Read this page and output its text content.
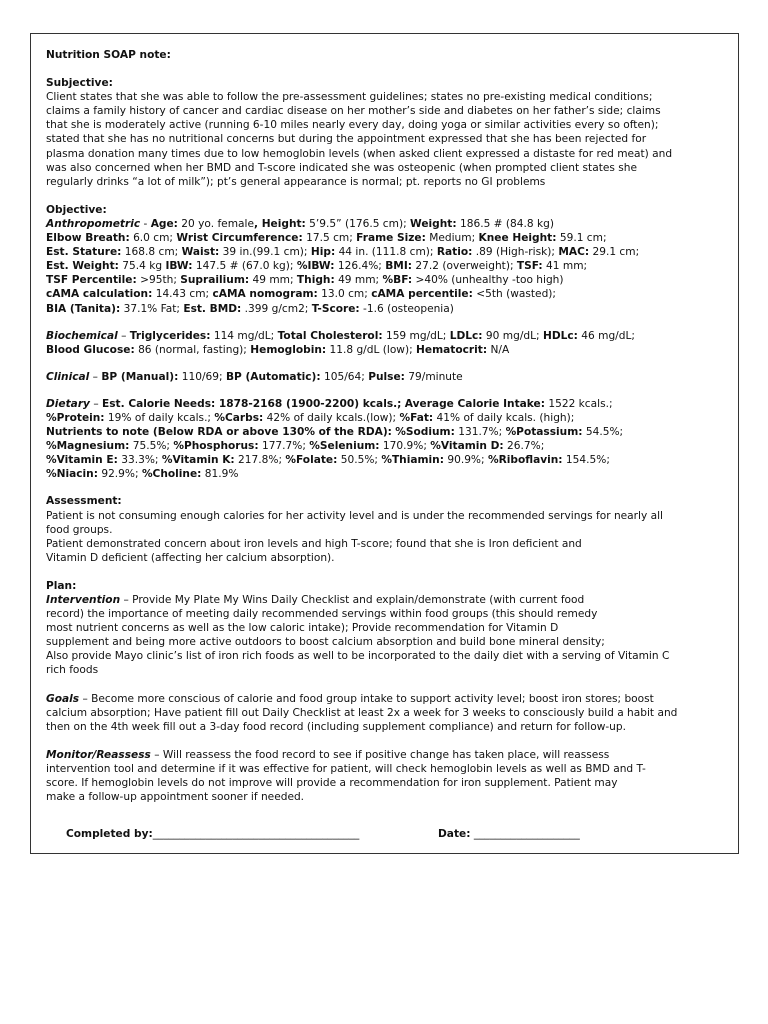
Nutrition SOAP note:

Subjective:

Client states that she was able to follow the pre-assessment guidelines; states no pre-existing medical conditions;

claims a family history of cancer and cardiac disease on her mother’s side and diabetes on her father’s side; claims

that she is moderately active (running 6-10 miles nearly every day, doing yoga or similar activities every so often);

stated that she has no nutritional concerns but during the appointment expressed that she has been rejected for

plasma donation many times due to low hemoglobin levels (when asked client expressed a distaste for red meat) and

was also concerned when her BMD and T-score indicated she was osteopenic (when prompted client states she

regularly drinks “a lot of milk”); pt’s general appearance is normal; pt. reports no GI problems

Objective:

Anthropometric - Age: 20 yo. female, Height: 5’9.5” (176.5 cm); Weight: 186.5 # (84.8 kg)

Elbow Breath: 6.0 cm; Wrist Circumference: 17.5 cm; Frame Size: Medium; Knee Height: 59.1 cm;

Est. Stature: 168.8 cm; Waist: 39 in.(99.1 cm); Hip: 44 in. (111.8 cm); Ratio: .89 (High-risk); MAC: 29.1 cm;

Est. Weight: 75.4 kg IBW: 147.5 # (67.0 kg); %IBW: 126.4%; BMI: 27.2 (overweight); TSF: 41 mm;

TSF Percentile: >95th; Suprailium: 49 mm; Thigh: 49 mm; %BF: >40% (unhealthy -too high)

cAMA calculation: 14.43 cm; cAMA nomogram: 13.0 cm; cAMA percentile: <5th (wasted);

BIA (Tanita): 37.1% Fat; Est. BMD: .399 g/cm2; T-Score: -1.6 (osteopenia)

Biochemical – Triglycerides: 114 mg/dL; Total Cholesterol: 159 mg/dL; LDLc: 90 mg/dL; HDLc: 46 mg/dL;

Blood Glucose: 86 (normal, fasting); Hemoglobin: 11.8 g/dL (low); Hematocrit: N/A

Clinical – BP (Manual): 110/69; BP (Automatic): 105/64; Pulse: 79/minute

Dietary – Est. Calorie Needs: 1878-2168 (1900-2200) kcals.; Average Calorie Intake: 1522 kcals.;

%Protein: 19% of daily kcals.; %Carbs: 42% of daily kcals.(low); %Fat: 41% of daily kcals. (high);

Nutrients to note (Below RDA or above 130% of the RDA): %Sodium: 131.7%; %Potassium: 54.5%;

%Magnesium: 75.5%; %Phosphorus: 177.7%; %Selenium: 170.9%; %Vitamin D: 26.7%;

%Vitamin E: 33.3%; %Vitamin K: 217.8%; %Folate: 50.5%; %Thiamin: 90.9%; %Riboflavin: 154.5%;

%Niacin: 92.9%; %Choline: 81.9%

Assessment:

Patient is not consuming enough calories for her activity level and is under the recommended servings for nearly all

food groups.

Patient demonstrated concern about iron levels and high T-score; found that she is Iron deficient and

Vitamin D deficient (affecting her calcium absorption).

Plan:

Intervention – Provide My Plate My Wins Daily Checklist and explain/demonstrate (with current food

record) the importance of meeting daily recommended servings within food groups (this should remedy

most nutrient concerns as well as the low caloric intake); Provide recommendation for Vitamin D

supplement and being more active outdoors to boost calcium absorption and build bone mineral density;

Also provide Mayo clinic’s list of iron rich foods as well to be incorporated to the daily diet with a serving of Vitamin C

rich foods

Goals – Become more conscious of calorie and food group intake to support activity level; boost iron stores; boost

calcium absorption; Have patient fill out Daily Checklist at least 2x a week for 3 weeks to consciously build a habit and

then on the 4th week fill out a 3-day food record (including supplement compliance) and return for follow-up.

Monitor/Reassess – Will reassess the food record to see if positive change has taken place, will reassess

intervention tool and determine if it was effective for patient, will check hemoglobin levels as well as BMD and T-

score. If hemoglobin levels do not improve will provide a recommendation for iron supplement. Patient may

make a follow-up appointment sooner if needed.

Completed by:_______________________________________	Date: ____________________
